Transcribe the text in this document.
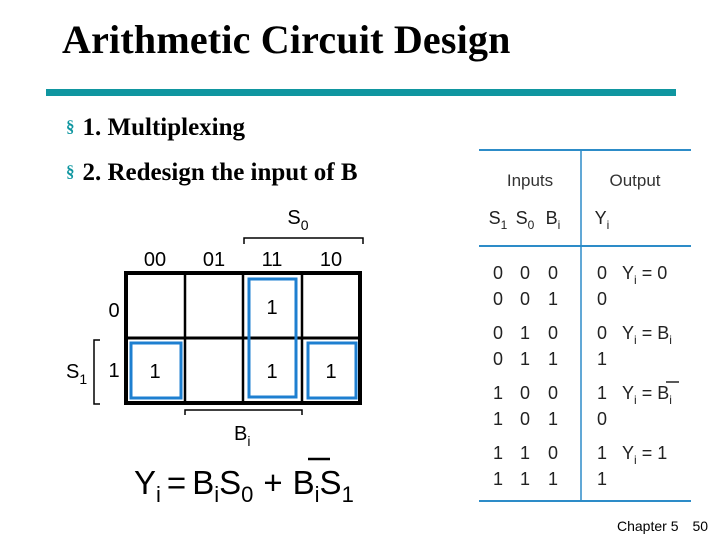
Arithmetic Circuit Design
§ 1. Multiplexing
§ 2. Redesign the input of B
$S_0$
00 01 11 10
0
1
$S_1$
1
1	1 1
$B_i$
$Y_i = B_iS_0 + B_iS_1$
Inputs	Output
$S_1$ $S_0$ $B_i$ $Y_i$
0 0 0 0
0 0 1 0
0 1 0 0
0 1 1 1
1 0 0 1
1 0 1 0
1 1 0 1
1 1 1 1
$Y_i = 0$
$Y_i = B_i$
$Y_i = B_i$
$Y_i = 1$
Chapter 5 50
